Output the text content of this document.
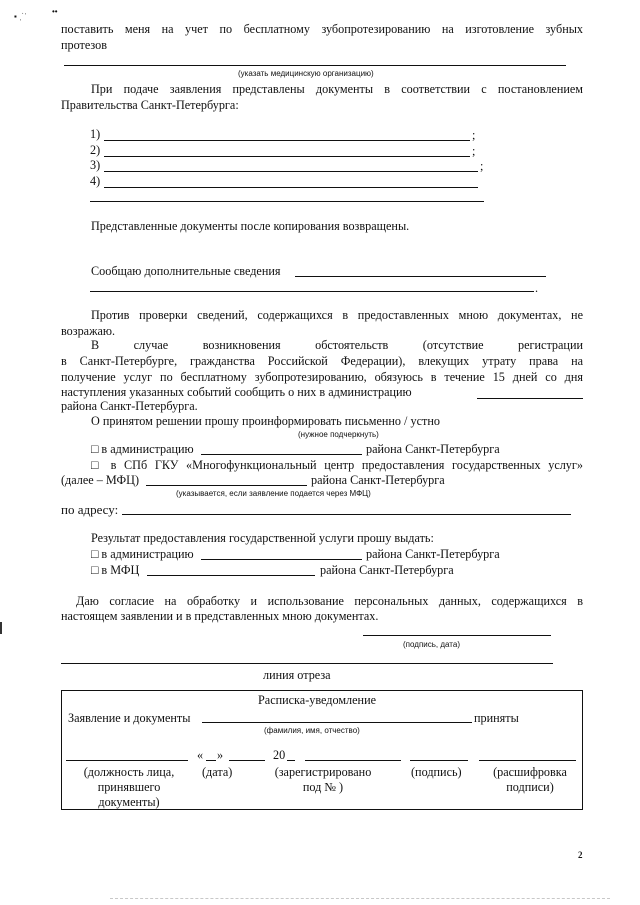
▪ ˌ˙ᐝ
••
поставить меня на учет по бесплатному зубопротезированию на изготовление зубных
протезов
(указать медицинскую организацию)
При подаче заявления представлены документы в соответствии с постановлением
Правительства Санкт-Петербурга:
1)	;
2)	;
3)	;
4)
Представленные документы после копирования возвращены.
Сообщаю дополнительные сведения
.
Против проверки сведений, содержащихся в предоставленных мною документах, не
возражаю.
В	случае	возникновения	обстоятельств	(отсутствие	регистрации
в Санкт-Петербурге, гражданства Российской Федерации), влекущих утрату права на
получение услуг по бесплатному зубопротезированию, обязуюсь в течение 15 дней со дня
наступления указанных событий сообщить о них в администрацию
района Санкт-Петербурга.
О принятом решении прошу проинформировать письменно / устно
(нужное подчеркнуть)
□ в администрацию	района Санкт-Петербурга
□ в СПб ГКУ «Многофункциональный центр предоставления государственных услуг»
(далее – МФЦ)	района Санкт-Петербурга
(указывается, если заявление подается через МФЦ)
по адресу:
Результат предоставления государственной услуги прошу выдать:
□ в администрацию	района Санкт-Петербурга
□ в МФЦ	района Санкт-Петербурга
Даю согласие на обработку и использование персональных данных, содержащихся в
настоящем заявлении и в представленных мною документах.
(подпись, дата)
линия отреза
Расписка-уведомление
Заявление и документы	приняты
(фамилия, имя, отчество)
« »	20
(должность лица,
принявшего
документы)
(дата)	(зарегистрировано
под № )
(подпись)	(расшифровка
подписи)
2
